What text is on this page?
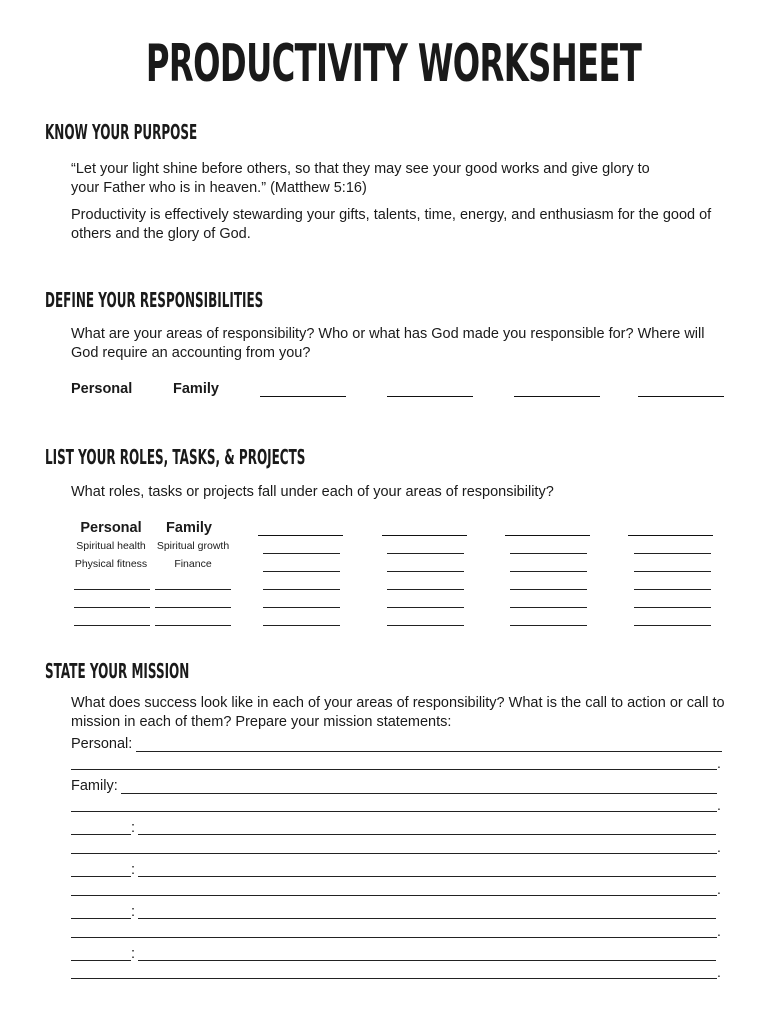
PRODUCTIVITY WORKSHEET
KNOW YOUR PURPOSE
“Let your light shine before others, so that they may see your good works and give glory to
your Father who is in heaven.” (Matthew 5:16)
Productivity is effectively stewarding your gifts, talents, time, energy, and enthusiasm for the good of others and the glory of God.
DEFINE YOUR RESPONSIBILITIES
What are your areas of responsibility? Who or what has God made you responsible for? Where will God require an accounting from you?
Personal	Family
LIST YOUR ROLES, TASKS, & PROJECTS
What roles, tasks or projects fall under each of your areas of responsibility?
Personal	Family
Spiritual health
Physical fitness
Spiritual growth
Finance
STATE YOUR MISSION
What does success look like in each of your areas of responsibility? What is the call to action or call to mission in each of them? Prepare your mission statements:
Personal:
.
Family:
.
:
.
:
.
:
.
:
.
